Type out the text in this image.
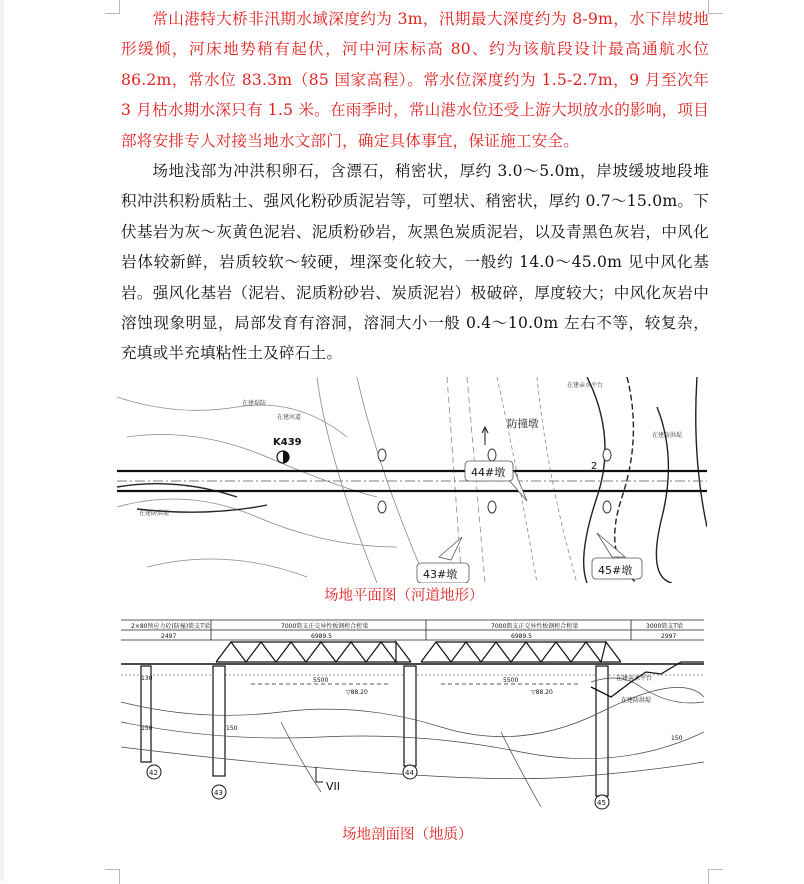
常山港特大桥非汛期水域深度约为 3m，汛期最大深度约为 8-9m，水下岸坡地形缓倾，河床地势稍有起伏，河中河床标高 80、约为该航段设计最高通航水位 86.2m，常水位 83.3m（85 国家高程）。常水位深度约为 1.5-2.7m，9 月至次年 3 月枯水期水深只有 1.5 米。在雨季时，常山港水位还受上游大坝放水的影响，项目部将安排专人对接当地水文部门，确定具体事宜，保证施工安全。

场地浅部为冲洪积卵石，含漂石，稍密状，厚约 3.0～5.0m，岸坡缓坡地段堆积冲洪积粉质粘土、强风化粉砂质泥岩等，可塑状、稍密状，厚约 0.7～15.0m。下伏基岩为灰～灰黄色泥岩、泥质粉砂岩，灰黑色炭质泥岩，以及青黑色灰岩，中风化岩体较新鲜，岩质较软～较硬，埋深变化较大，一般约 14.0～45.0m 见中风化基岩。强风化基岩（泥岩、泥质粉砂岩、炭质泥岩）极破碎，厚度较大；中风化灰岩中溶蚀现象明显，局部发育有溶洞，溶洞大小一般 0.4～10.0m 左右不等，较复杂，充填或半充填粘性土及碎石土。

K439
防撞墩
在建堤防
在建河道
在建防洪堤
在建亲水平台
在建防洪堤
2
44#墩
43#墩	45#墩
场地平面图（河道地形）
2×80预应力砼(防撞)简支T梁	7000简支正交异性板钢桁合桁梁	7000简支正交异性板钢桁合桁梁	3000简支T梁
2497	6989.5	6989.5	2997
5500	5500
▽88.20	▽88.20
在建亲水平台
在建防洪堤
130
150	150
150
42
43
44
45
VII
场地剖面图（地质）
